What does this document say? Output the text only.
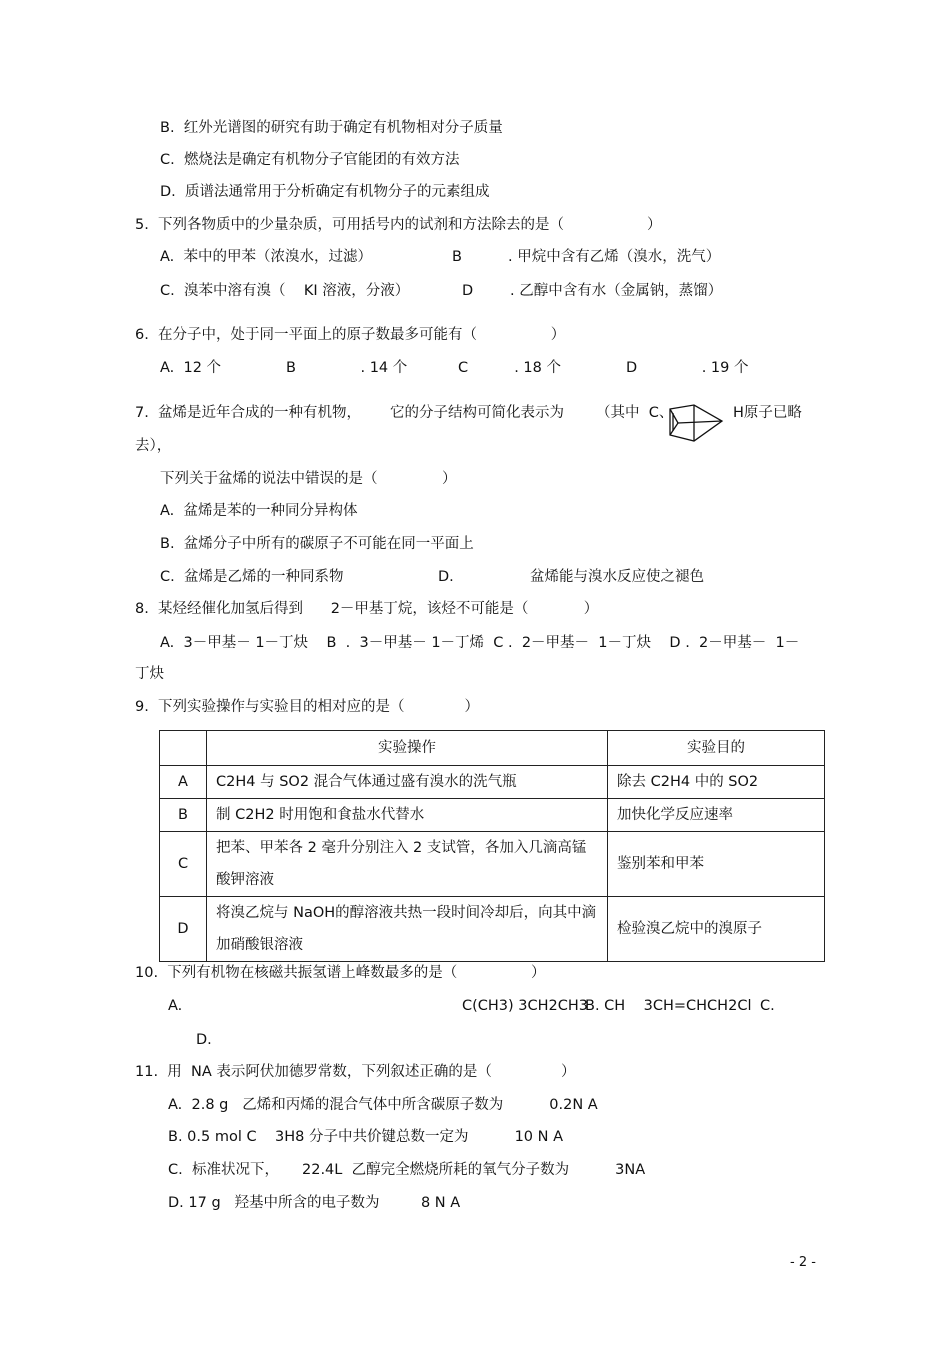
B.  红外光谱图的研究有助于确定有机物相对分子质量
C.  燃烧法是确定有机物分子官能团的有效方法
D.  质谱法通常用于分析确定有机物分子的元素组成
5.  下列各物质中的少量杂质，可用括号内的试剂和方法除去的是（                  ）
A.  苯中的甲苯（浓溴水，过滤）	B          . 甲烷中含有乙烯（溴水，洗气）
C.  溴苯中溶有溴（    KI 溶液，分液）	D        . 乙醇中含有水（金属钠，蒸馏）
6.  在分子中，处于同一平面上的原子数最多可能有（                ）
A.  12 个	B              . 14 个	C          . 18 个	D              . 19 个
7.  盆烯是近年合成的一种有机物， 它的分子结构可简化表示为 （其中  C、	H原子已略
去），
下列关于盆烯的说法中错误的是（              ）
A.  盆烯是苯的一种同分异构体
B.  盆烯分子中所有的碳原子不可能在同一平面上
C.  盆烯是乙烯的一种同系物	D.	盆烯能与溴水反应使之褪色
8.  某烃经催化加氢后得到      2－甲基丁烷，该烃不可能是（            ）
A.  3－甲基－ 1－丁炔    B  .  3－甲基－ 1－丁烯  C .  2－甲基－  1－丁炔    D .  2－甲基－  1－
丁炔
9.  下列实验操作与实验目的相对应的是（             ）
	实验操作	实验目的
A	C2H4 与 SO2 混合气体通过盛有溴水的洗气瓶	除去 C2H4 中的 SO2
B	制 C2H2 时用饱和食盐水代替水	加快化学反应速率
C	把苯、甲苯各 2 毫升分别注入 2 支试管，各加入几滴高锰酸钾溶液	鉴别苯和甲苯
D	将溴乙烷与 NaOH的醇溶液共热一段时间冷却后，向其中滴加硝酸银溶液	检验溴乙烷中的溴原子
10.  下列有机物在核磁共振氢谱上峰数最多的是（                ）
A.	C(CH3) 3CH2CH3
B. CH    3CH=CHCH2Cl C.
D.
11.  用  NA 表示阿伏加德罗常数，下列叙述正确的是（               ）
A.  2.8 g   乙烯和丙烯的混合气体中所含碳原子数为          0.2N A
B. 0.5 mol C    3H8 分子中共价键总数一定为          10 N A
C.  标准状况下，     22.4L  乙醇完全燃烧所耗的氧气分子数为          3NA
D. 17 g   羟基中所含的电子数为         8 N A
- 2 -
